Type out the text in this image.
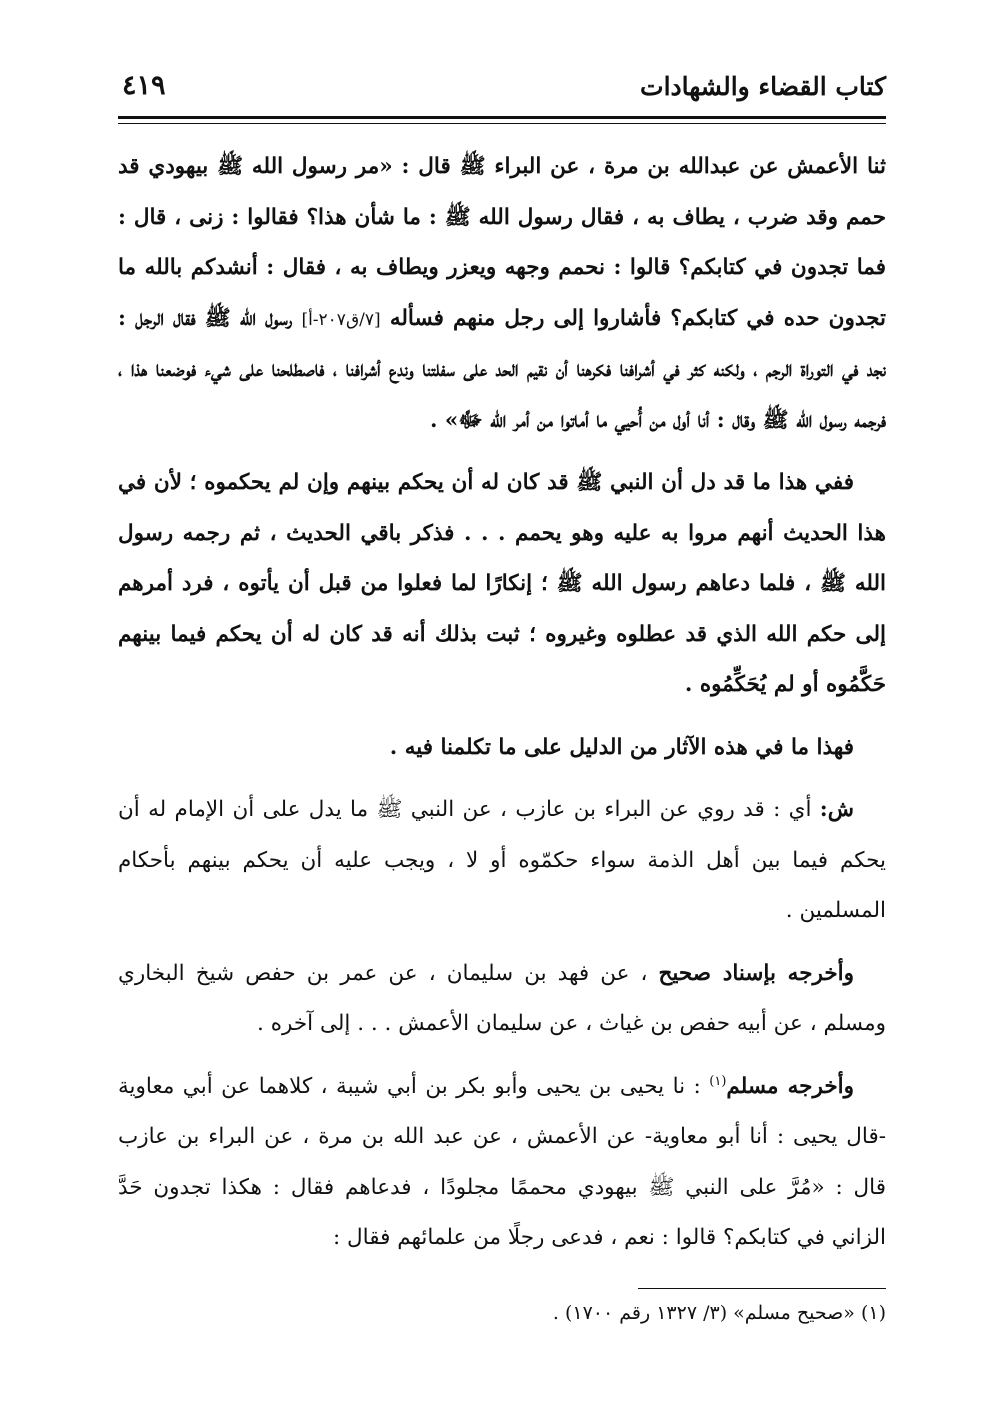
كتاب القضاء والشهادات
٤١٩

ثنا الأعمش عن عبدالله بن مرة ، عن البراء ﷺ قال : «مر رسول الله ﷺ بيهودي قد حمم وقد ضرب ، يطاف به ، فقال رسول الله ﷺ : ما شأن هذا؟ فقالوا : زنى ، قال : فما تجدون في كتابكم؟ قالوا : نحمم وجهه ويعزر ويطاف به ، فقال : أنشدكم بالله ما تجدون حده في كتابكم؟ فأشاروا إلى رجل منهم فسأله [٧/ق٢٠٧-أ] رسول الله ﷺ فقال الرجل : نجد في التوراة الرجم ، ولكنه كثر في أشرافنا فكرهنا أن نقيم الحد على سفلتنا وندع أشرافنا ، فاصطلحنا على شيء فوضعنا هذا ، فرجمه رسول الله ﷺ وقال : أنا أول من أُحيي ما أماتوا من أمر الله ﷻ» .

ففي هذا ما قد دل أن النبي ﷺ قد كان له أن يحكم بينهم وإن لم يحكموه ؛ لأن في هذا الحديث أنهم مروا به عليه وهو يحمم . . . فذكر باقي الحديث ، ثم رجمه رسول الله ﷺ ، فلما دعاهم رسول الله ﷺ ؛ إنكارًا لما فعلوا من قبل أن يأتوه ، فرد أمرهم إلى حكم الله الذي قد عطلوه وغيروه ؛ ثبت بذلك أنه قد كان له أن يحكم فيما بينهم حَكَّمُوه أو لم يُحَكِّمُوه .

فهذا ما في هذه الآثار من الدليل على ما تكلمنا فيه .

ش: أي : قد روي عن البراء بن عازب ، عن النبي ﷺ ما يدل على أن الإمام له أن يحكم فيما بين أهل الذمة سواء حكمّوه أو لا ، ويجب عليه أن يحكم بينهم بأحكام المسلمين .

وأخرجه بإسناد صحيح ، عن فهد بن سليمان ، عن عمر بن حفص شيخ البخاري ومسلم ، عن أبيه حفص بن غياث ، عن سليمان الأعمش . . . إلى آخره .

وأخرجه مسلم$^{(١)}$ : نا يحيى بن يحيى وأبو بكر بن أبي شيبة ، كلاهما عن أبي معاوية -قال يحيى : أنا أبو معاوية- عن الأعمش ، عن عبد الله بن مرة ، عن البراء بن عازب قال : «مُرَّ على النبي ﷺ بيهودي محممًا مجلودًا ، فدعاهم فقال : هكذا تجدون حَدَّ الزاني في كتابكم؟ قالوا : نعم ، فدعى رجلًا من علمائهم فقال :

(١) «صحيح مسلم» (٣/ ١٣٢٧ رقم ١٧٠٠) .
